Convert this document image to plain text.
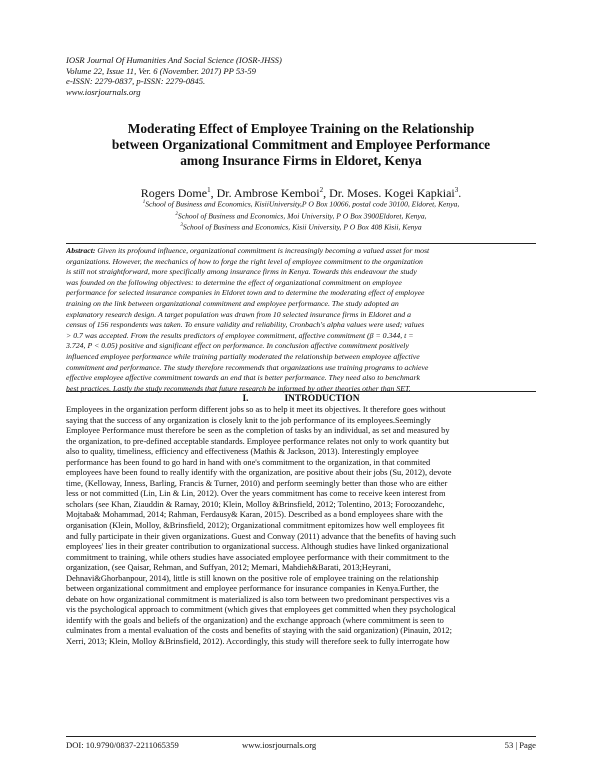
IOSR Journal Of Humanities And Social Science (IOSR-JHSS)
Volume 22, Issue 11, Ver. 6 (November. 2017) PP 53-59
e-ISSN: 2279-0837, p-ISSN: 2279-0845.
www.iosrjournals.org
Moderating Effect of Employee Training on the Relationship
between Organizational Commitment and Employee Performance
among Insurance Firms in Eldoret, Kenya
Rogers Dome$^1$, Dr. Ambrose Kemboi$^2$, Dr. Moses. Kogei Kapkiai$^3$.
$^1$School of Business and Economics, KisiiUniversity,P O Box 10066, postal code 30100, Eldoret, Kenya,
$^2$School of Business and Economics, Moi University, P O Box 3900Eldoret, Kenya,
$^3$School of Business and Economics, Kisii University, P O Box 408 Kisii, Kenya
Abstract: Given its profound influence, organizational commitment is increasingly becoming a valued asset for most
organizations. However, the mechanics of how to forge the right level of employee commitment to the organization
is still not straightforward, more specifically among insurance firms in Kenya. Towards this endeavour the study
was founded on the following objectives: to determine the effect of organizational commitment on employee
performance for selected insurance companies in Eldoret town and to determine the moderating effect of employee
training on the link between organizational commitment and employee performance. The study adopted an
explanatory research design. A target population was drawn from 10 selected insurance firms in Eldoret and a
census of 156 respondents was taken. To ensure validity and reliability, Cronbach's alpha values were used; values
> 0.7 was accepted. From the results predictors of employee commitment, affective commitment (β = 0.344, t =
3.724, P < 0.05) positive and significant effect on performance. In conclusion affective commitment positively
influenced employee performance while training partially moderated the relationship between employee affective
commitment and performance. The study therefore recommends that organizations use training programs to achieve
effective employee affective commitment towards an end that is better performance. They need also to benchmark
best practices. Lastly the study recommends that future research be informed by other theories other than SET.
I.	INTRODUCTION
Employees in the organization perform different jobs so as to help it meet its objectives. It therefore goes without
saying that the success of any organization is closely knit to the job performance of its employees.Seemingly
Employee Performance must therefore be seen as the completion of tasks by an individual, as set and measured by
the organization, to pre-defined acceptable standards. Employee performance relates not only to work quantity but
also to quality, timeliness, efficiency and effectiveness (Mathis & Jackson, 2013). Interestingly employee
performance has been found to go hard in hand with one's commitment to the organization, in that commited
employees have been found to really identify with the organization, are positive about their jobs (Su, 2012), devote
time, (Kelloway, Inness, Barling, Francis & Turner, 2010) and perform seemingly better than those who are either
less or not committed (Lin, Lin & Lin, 2012). Over the years commitment has come to receive keen interest from
scholars (see Khan, Ziauddin & Ramay, 2010; Klein, Molloy &Brinsfield, 2012; Tolentino, 2013; Foroozandehc,
Mojtaba& Mohammad, 2014; Rahman, Ferdausy& Karan, 2015). Described as a bond employees share with the
organisation (Klein, Molloy, &Brinsfield, 2012); Organizational commitment epitomizes how well employees fit
and fully participate in their given organizations. Guest and Conway (2011) advance that the benefits of having such
employees' lies in their greater contribution to organizational success. Although studies have linked organizational
commitment to training, while others studies have associated employee performance with their commitment to the
organization, (see Qaisar, Rehman, and Suffyan, 2012; Memari, Mahdieh&Barati, 2013;Heyrani,
Dehnavi&Ghorbanpour, 2014), little is still known on the positive role of employee training on the relationship
between organizational commitment and employee performance for insurance companies in Kenya.Further, the
debate on how organizational commitment is materialized is also torn between two predominant perspectives vis a
vis the psychological approach to commitment (which gives that employees get committed when they psychological
identify with the goals and beliefs of the organization) and the exchange approach (where commitment is seen to
culminates from a mental evaluation of the costs and benefits of staying with the said organization) (Pinauin, 2012;
Xerri, 2013; Klein, Molloy &Brinsfield, 2012). Accordingly, this study will therefore seek to fully interrogate how
DOI: 10.9790/0837-2211065359	www.iosrjournals.org	53 | Page
